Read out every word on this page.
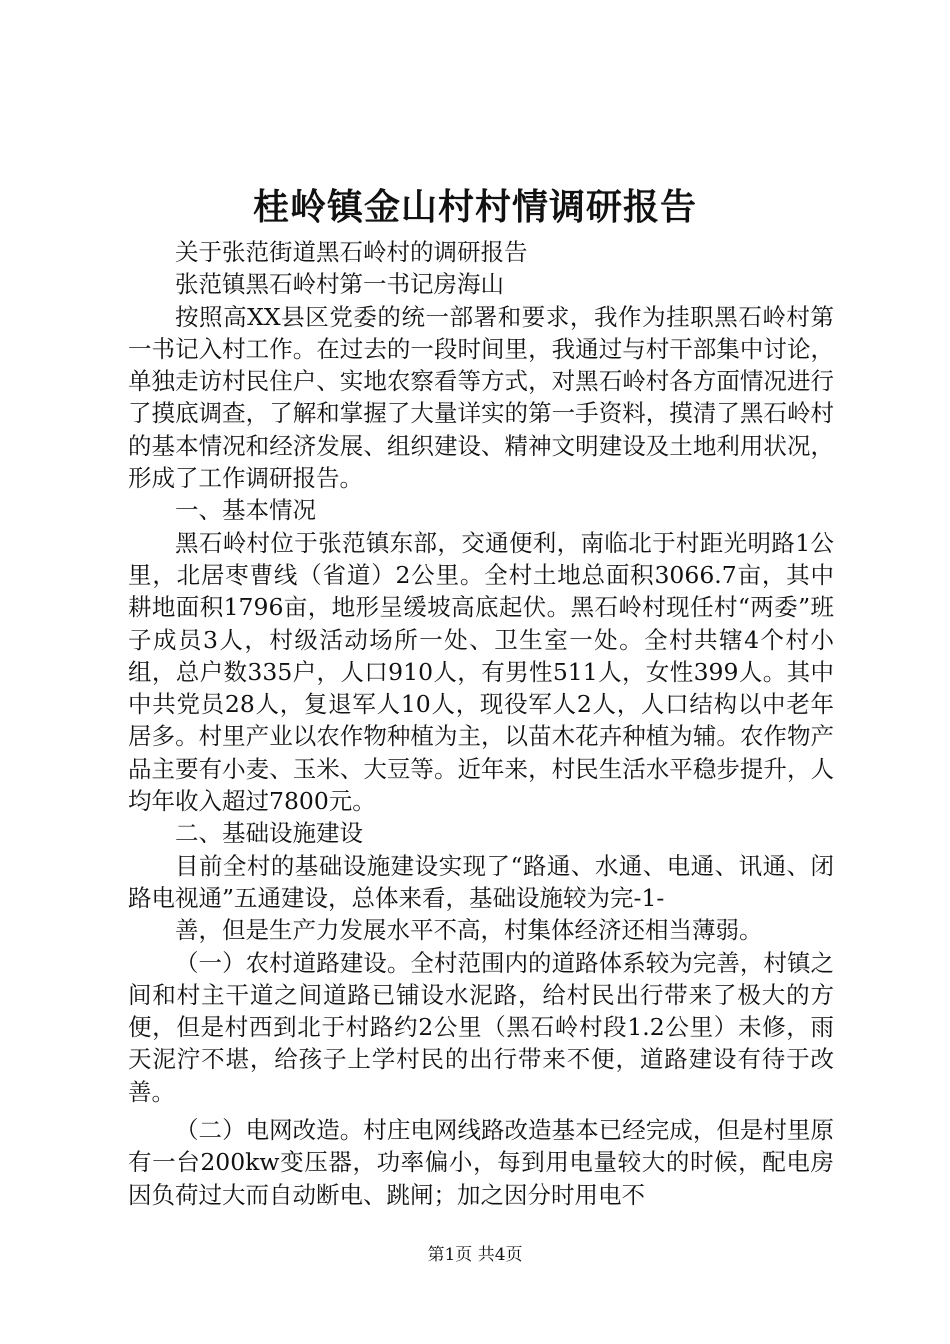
桂岭镇金山村村情调研报告

关于张范街道黑石岭村的调研报告

张范镇黑石岭村第一书记房海山

按照高XX县区党委的统一部署和要求，我作为挂职黑石岭村第一书记入村工作。在过去的一段时间里，我通过与村干部集中讨论，单独走访村民住户、实地农察看等方式，对黑石岭村各方面情况进行了摸底调查，了解和掌握了大量详实的第一手资料，摸清了黑石岭村的基本情况和经济发展、组织建设、精神文明建设及土地利用状况，形成了工作调研报告。

一、基本情况

黑石岭村位于张范镇东部，交通便利，南临北于村距光明路1公里，北居枣曹线（省道）2公里。全村土地总面积3066.7亩，其中耕地面积1796亩，地形呈缓坡高底起伏。黑石岭村现任村“两委”班子成员3人，村级活动场所一处、卫生室一处。全村共辖4个村小组，总户数335户，人口910人，有男性511人，女性399人。其中中共党员28人，复退军人10人，现役军人2人，人口结构以中老年居多。村里产业以农作物种植为主，以苗木花卉种植为辅。农作物产品主要有小麦、玉米、大豆等。近年来，村民生活水平稳步提升，人均年收入超过7800元。

二、基础设施建设

目前全村的基础设施建设实现了“路通、水通、电通、讯通、闭路电视通”五通建设，总体来看，基础设施较为完-1-

善，但是生产力发展水平不高，村集体经济还相当薄弱。

（一）农村道路建设。全村范围内的道路体系较为完善，村镇之间和村主干道之间道路已铺设水泥路，给村民出行带来了极大的方便，但是村西到北于村路约2公里（黑石岭村段1.2公里）未修，雨天泥泞不堪，给孩子上学村民的出行带来不便，道路建设有待于改善。

（二）电网改造。村庄电网线路改造基本已经完成，但是村里原有一台200kw变压器，功率偏小，每到用电量较大的时候，配电房因负荷过大而自动断电、跳闸；加之因分时用电不

第1页 共4页
